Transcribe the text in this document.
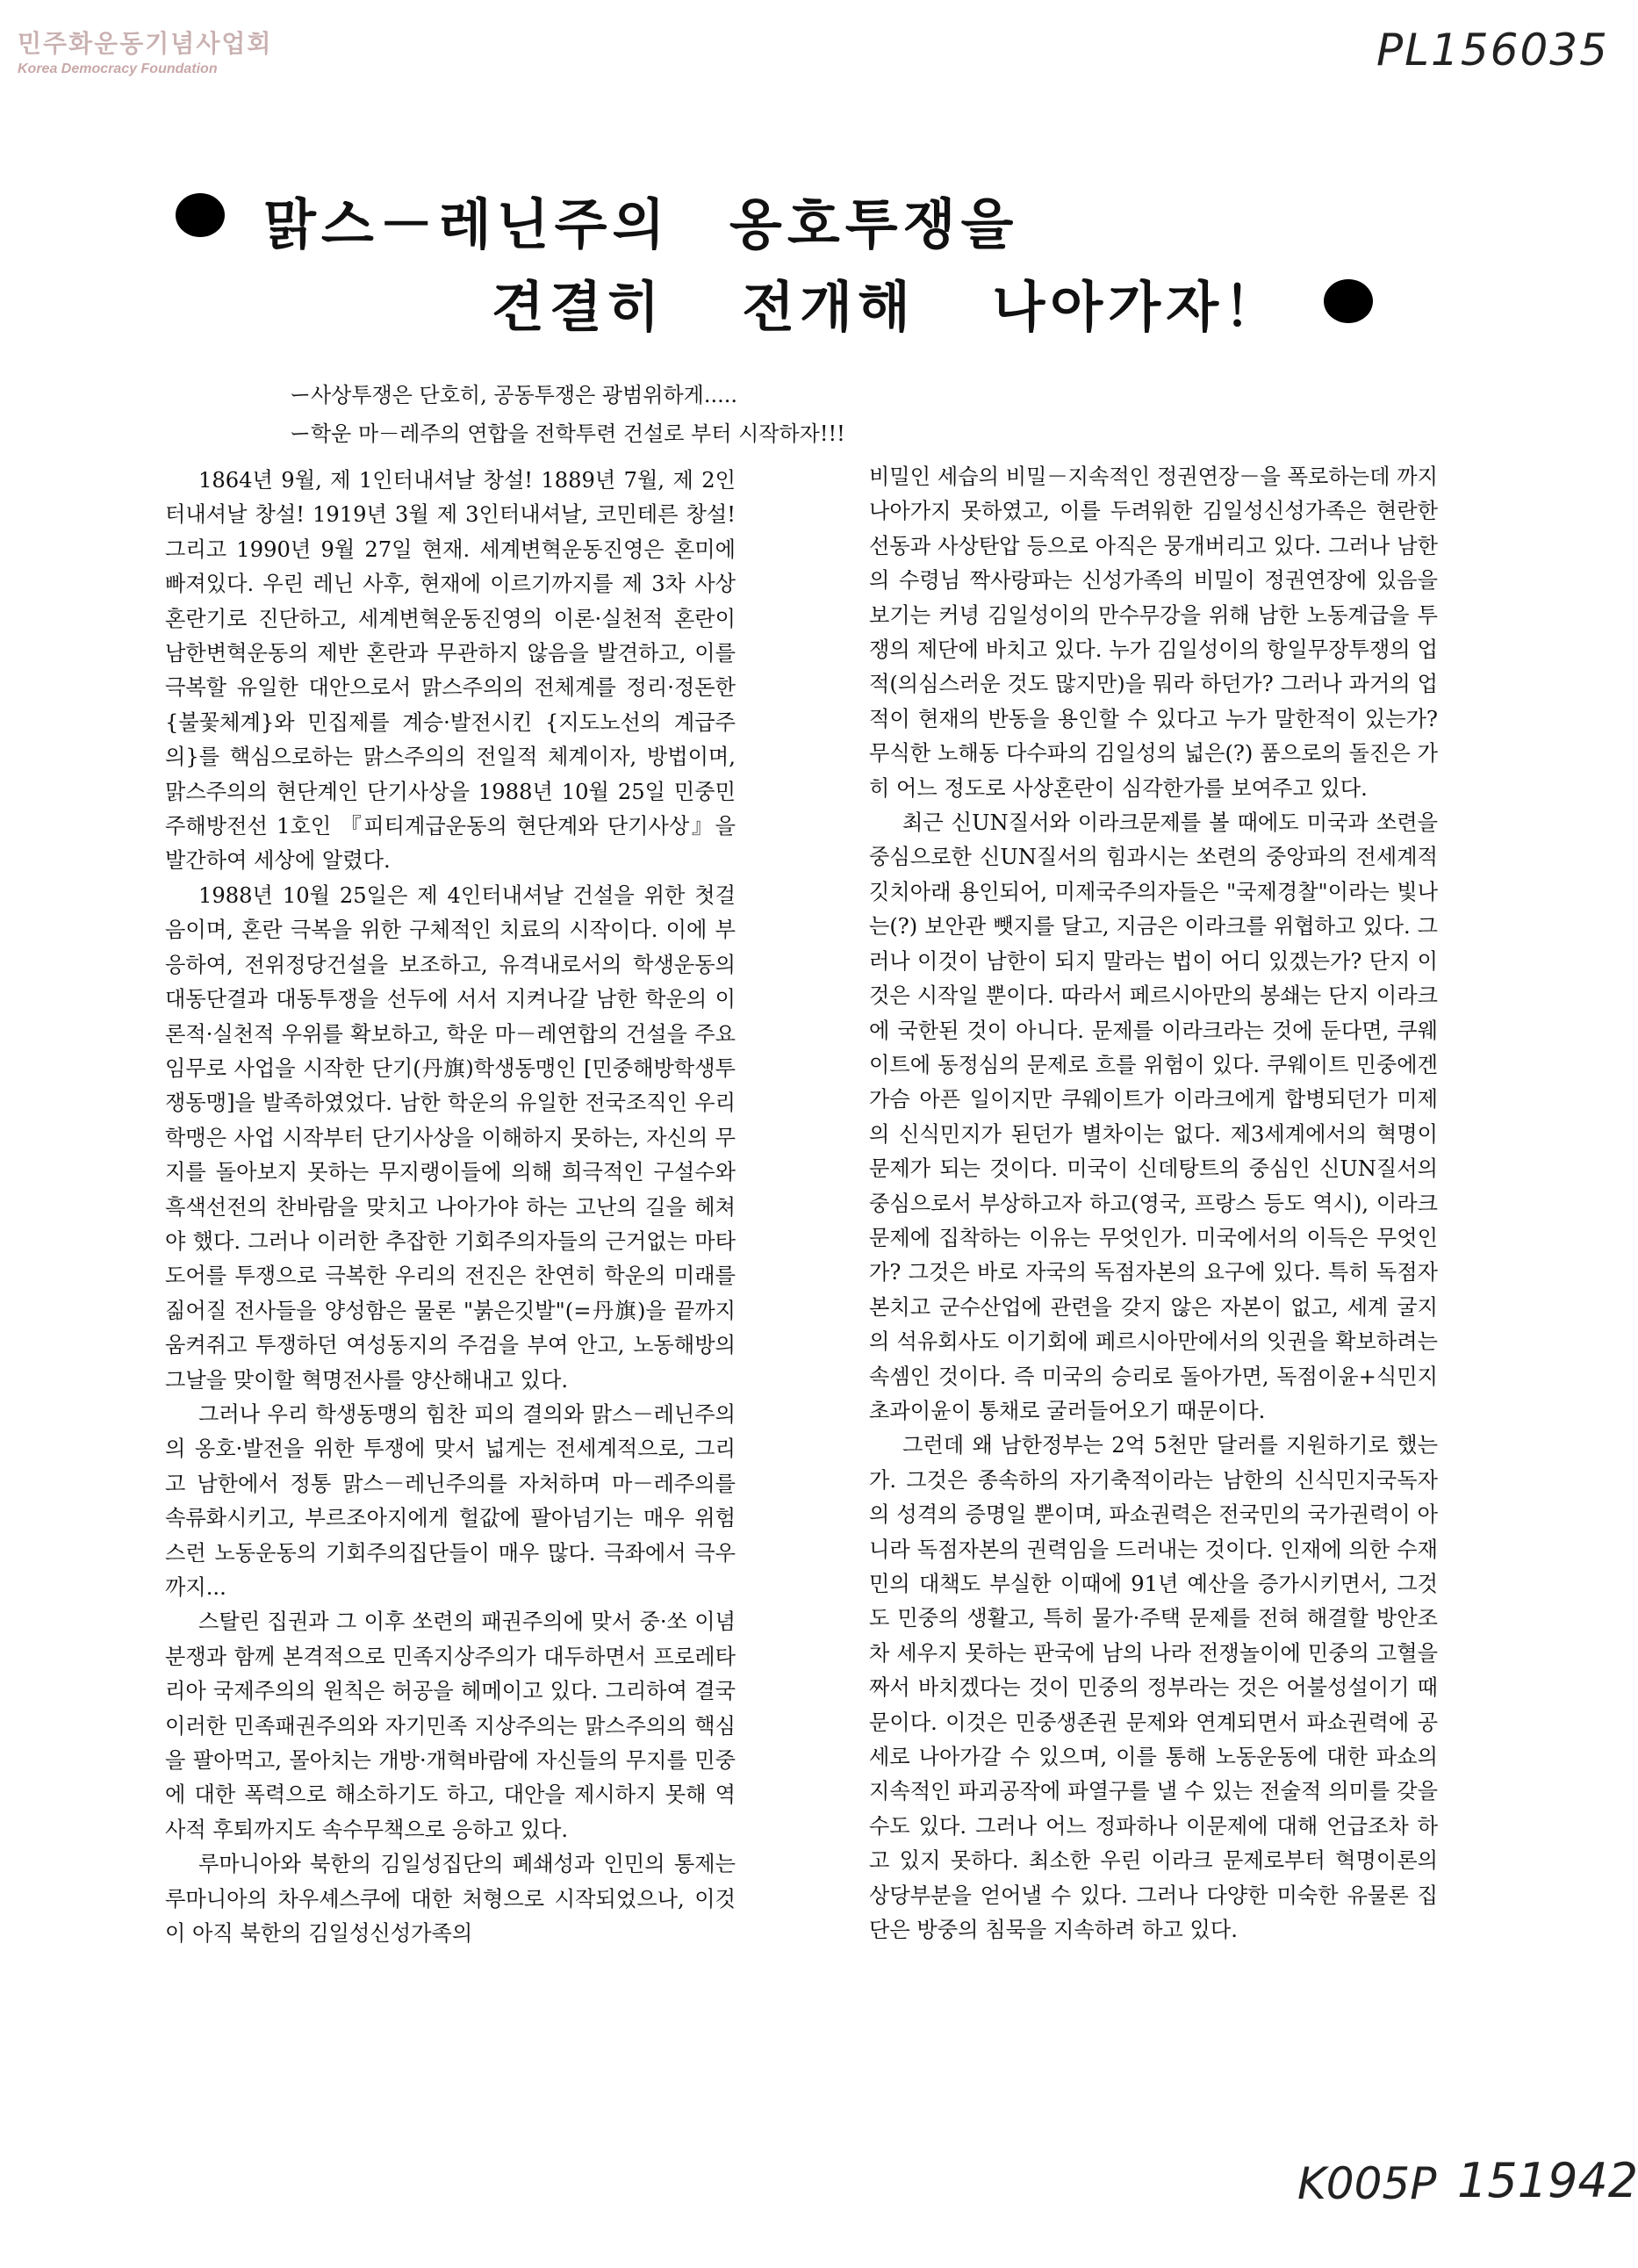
민주화운동기념사업회
Korea Democracy Foundation	PL156035
맑스－레닌주의 옹호투쟁을
견결히 전개해 나아가자！
ー사상투쟁은 단호히, 공동투쟁은 광범위하게.....
ー학운 마－레주의 연합을 전학투련 건설로 부터 시작하자!!!

1864년 9월, 제 1인터내셔날 창설! 1889년 7월, 제 2인터내셔날 창설! 1919년 3월 제 3인터내셔날, 코민테른 창설! 그리고 1990년 9월 27일 현재. 세계변혁운동진영은 혼미에 빠져있다. 우린 레닌 사후, 현재에 이르기까지를 제 3차 사상혼란기로 진단하고, 세계변혁운동진영의 이론·실천적 혼란이 남한변혁운동의 제반 혼란과 무관하지 않음을 발견하고, 이를 극복할 유일한 대안으로서 맑스주의의 전체계를 정리·정돈한 {불꽃체계}와 민집제를 계승·발전시킨 {지도노선의 계급주의}를 핵심으로하는 맑스주의의 전일적 체계이자, 방법이며, 맑스주의의 현단계인 단기사상을 1988년 10월 25일 민중민주해방전선 1호인 『피티계급운동의 현단계와 단기사상』을 발간하여 세상에 알렸다.

1988년 10월 25일은 제 4인터내셔날 건설을 위한 첫걸음이며, 혼란 극복을 위한 구체적인 치료의 시작이다. 이에 부응하여, 전위정당건설을 보조하고, 유격내로서의 학생운동의 대동단결과 대동투쟁을 선두에 서서 지켜나갈 남한 학운의 이론적·실천적 우위를 확보하고, 학운 마－레연합의 건설을 주요임무로 사업을 시작한 단기(丹旗)학생동맹인 [민중해방학생투쟁동맹]을 발족하였었다. 남한 학운의 유일한 전국조직인 우리 학맹은 사업 시작부터 단기사상을 이해하지 못하는, 자신의 무지를 돌아보지 못하는 무지랭이들에 의해 희극적인 구설수와 흑색선전의 찬바람을 맞치고 나아가야 하는 고난의 길을 헤쳐야 했다. 그러나 이러한 추잡한 기회주의자들의 근거없는 마타도어를 투쟁으로 극복한 우리의 전진은 찬연히 학운의 미래를 짊어질 전사들을 양성함은 물론 "붉은깃발"(=丹旗)을 끝까지 움켜쥐고 투쟁하던 여성동지의 주검을 부여 안고, 노동해방의 그날을 맞이할 혁명전사를 양산해내고 있다.

그러나 우리 학생동맹의 힘찬 피의 결의와 맑스－레닌주의의 옹호·발전을 위한 투쟁에 맞서 넓게는 전세계적으로, 그리고 남한에서 정통 맑스－레닌주의를 자처하며 마－레주의를 속류화시키고, 부르조아지에게 헐값에 팔아넘기는 매우 위험스런 노동운동의 기회주의집단들이 매우 많다. 극좌에서 극우까지...

스탈린 집권과 그 이후 쏘련의 패권주의에 맞서 중·쏘 이념분쟁과 함께 본격적으로 민족지상주의가 대두하면서 프로레타리아 국제주의의 원칙은 허공을 헤메이고 있다. 그리하여 결국 이러한 민족패권주의와 자기민족 지상주의는 맑스주의의 핵심을 팔아먹고, 몰아치는 개방·개혁바람에 자신들의 무지를 민중에 대한 폭력으로 해소하기도 하고, 대안을 제시하지 못해 역사적 후퇴까지도 속수무책으로 응하고 있다.

루마니아와 북한의 김일성집단의 폐쇄성과 인민의 통제는 루마니아의 차우셰스쿠에 대한 처형으로 시작되었으나, 이것이 아직 북한의 김일성신성가족의

비밀인 세습의 비밀－지속적인 정권연장－을 폭로하는데 까지 나아가지 못하였고, 이를 두려워한 김일성신성가족은 현란한 선동과 사상탄압 등으로 아직은 뭉개버리고 있다. 그러나 남한의 수령님 짝사랑파는 신성가족의 비밀이 정권연장에 있음을 보기는 커녕 김일성이의 만수무강을 위해 남한 노동계급을 투쟁의 제단에 바치고 있다. 누가 김일성이의 항일무장투쟁의 업적(의심스러운 것도 많지만)을 뭐라 하던가? 그러나 과거의 업적이 현재의 반동을 용인할 수 있다고 누가 말한적이 있는가? 무식한 노해동 다수파의 김일성의 넓은(?) 품으로의 돌진은 가히 어느 정도로 사상혼란이 심각한가를 보여주고 있다.

최근 신UN질서와 이라크문제를 볼 때에도 미국과 쏘련을 중심으로한 신UN질서의 힘과시는 쏘련의 중앙파의 전세계적 깃치아래 용인되어, 미제국주의자들은 "국제경찰"이라는 빛나는(?) 보안관 뺏지를 달고, 지금은 이라크를 위협하고 있다. 그러나 이것이 남한이 되지 말라는 법이 어디 있겠는가? 단지 이것은 시작일 뿐이다. 따라서 페르시아만의 봉쇄는 단지 이라크에 국한된 것이 아니다. 문제를 이라크라는 것에 둔다면, 쿠웨이트에 동정심의 문제로 흐를 위험이 있다. 쿠웨이트 민중에겐 가슴 아픈 일이지만 쿠웨이트가 이라크에게 합병되던가 미제의 신식민지가 된던가 별차이는 없다. 제3세계에서의 혁명이 문제가 되는 것이다. 미국이 신데탕트의 중심인 신UN질서의 중심으로서 부상하고자 하고(영국, 프랑스 등도 역시), 이라크 문제에 집착하는 이유는 무엇인가. 미국에서의 이득은 무엇인가? 그것은 바로 자국의 독점자본의 요구에 있다. 특히 독점자본치고 군수산업에 관련을 갖지 않은 자본이 없고, 세계 굴지의 석유회사도 이기회에 페르시아만에서의 잇권을 확보하려는 속셈인 것이다. 즉 미국의 승리로 돌아가면, 독점이윤+식민지 초과이윤이 통채로 굴러들어오기 때문이다.

그런데 왜 남한정부는 2억 5천만 달러를 지원하기로 했는가. 그것은 종속하의 자기축적이라는 남한의 신식민지국독자의 성격의 증명일 뿐이며, 파쇼권력은 전국민의 국가권력이 아니라 독점자본의 권력임을 드러내는 것이다. 인재에 의한 수재민의 대책도 부실한 이때에 91년 예산을 증가시키면서, 그것도 민중의 생활고, 특히 물가·주택 문제를 전혀 해결할 방안조차 세우지 못하는 판국에 남의 나라 전쟁놀이에 민중의 고혈을 짜서 바치겠다는 것이 민중의 정부라는 것은 어불성설이기 때문이다. 이것은 민중생존권 문제와 연계되면서 파쇼권력에 공세로 나아가갈 수 있으며, 이를 통해 노동운동에 대한 파쇼의 지속적인 파괴공작에 파열구를 낼 수 있는 전술적 의미를 갖을 수도 있다. 그러나 어느 정파하나 이문제에 대해 언급조차 하고 있지 못하다. 최소한 우린 이라크 문제로부터 혁명이론의 상당부분을 얻어낼 수 있다. 그러나 다양한 미숙한 유물론 집단은 방중의 침묵을 지속하려 하고 있다.

K005P 151942
